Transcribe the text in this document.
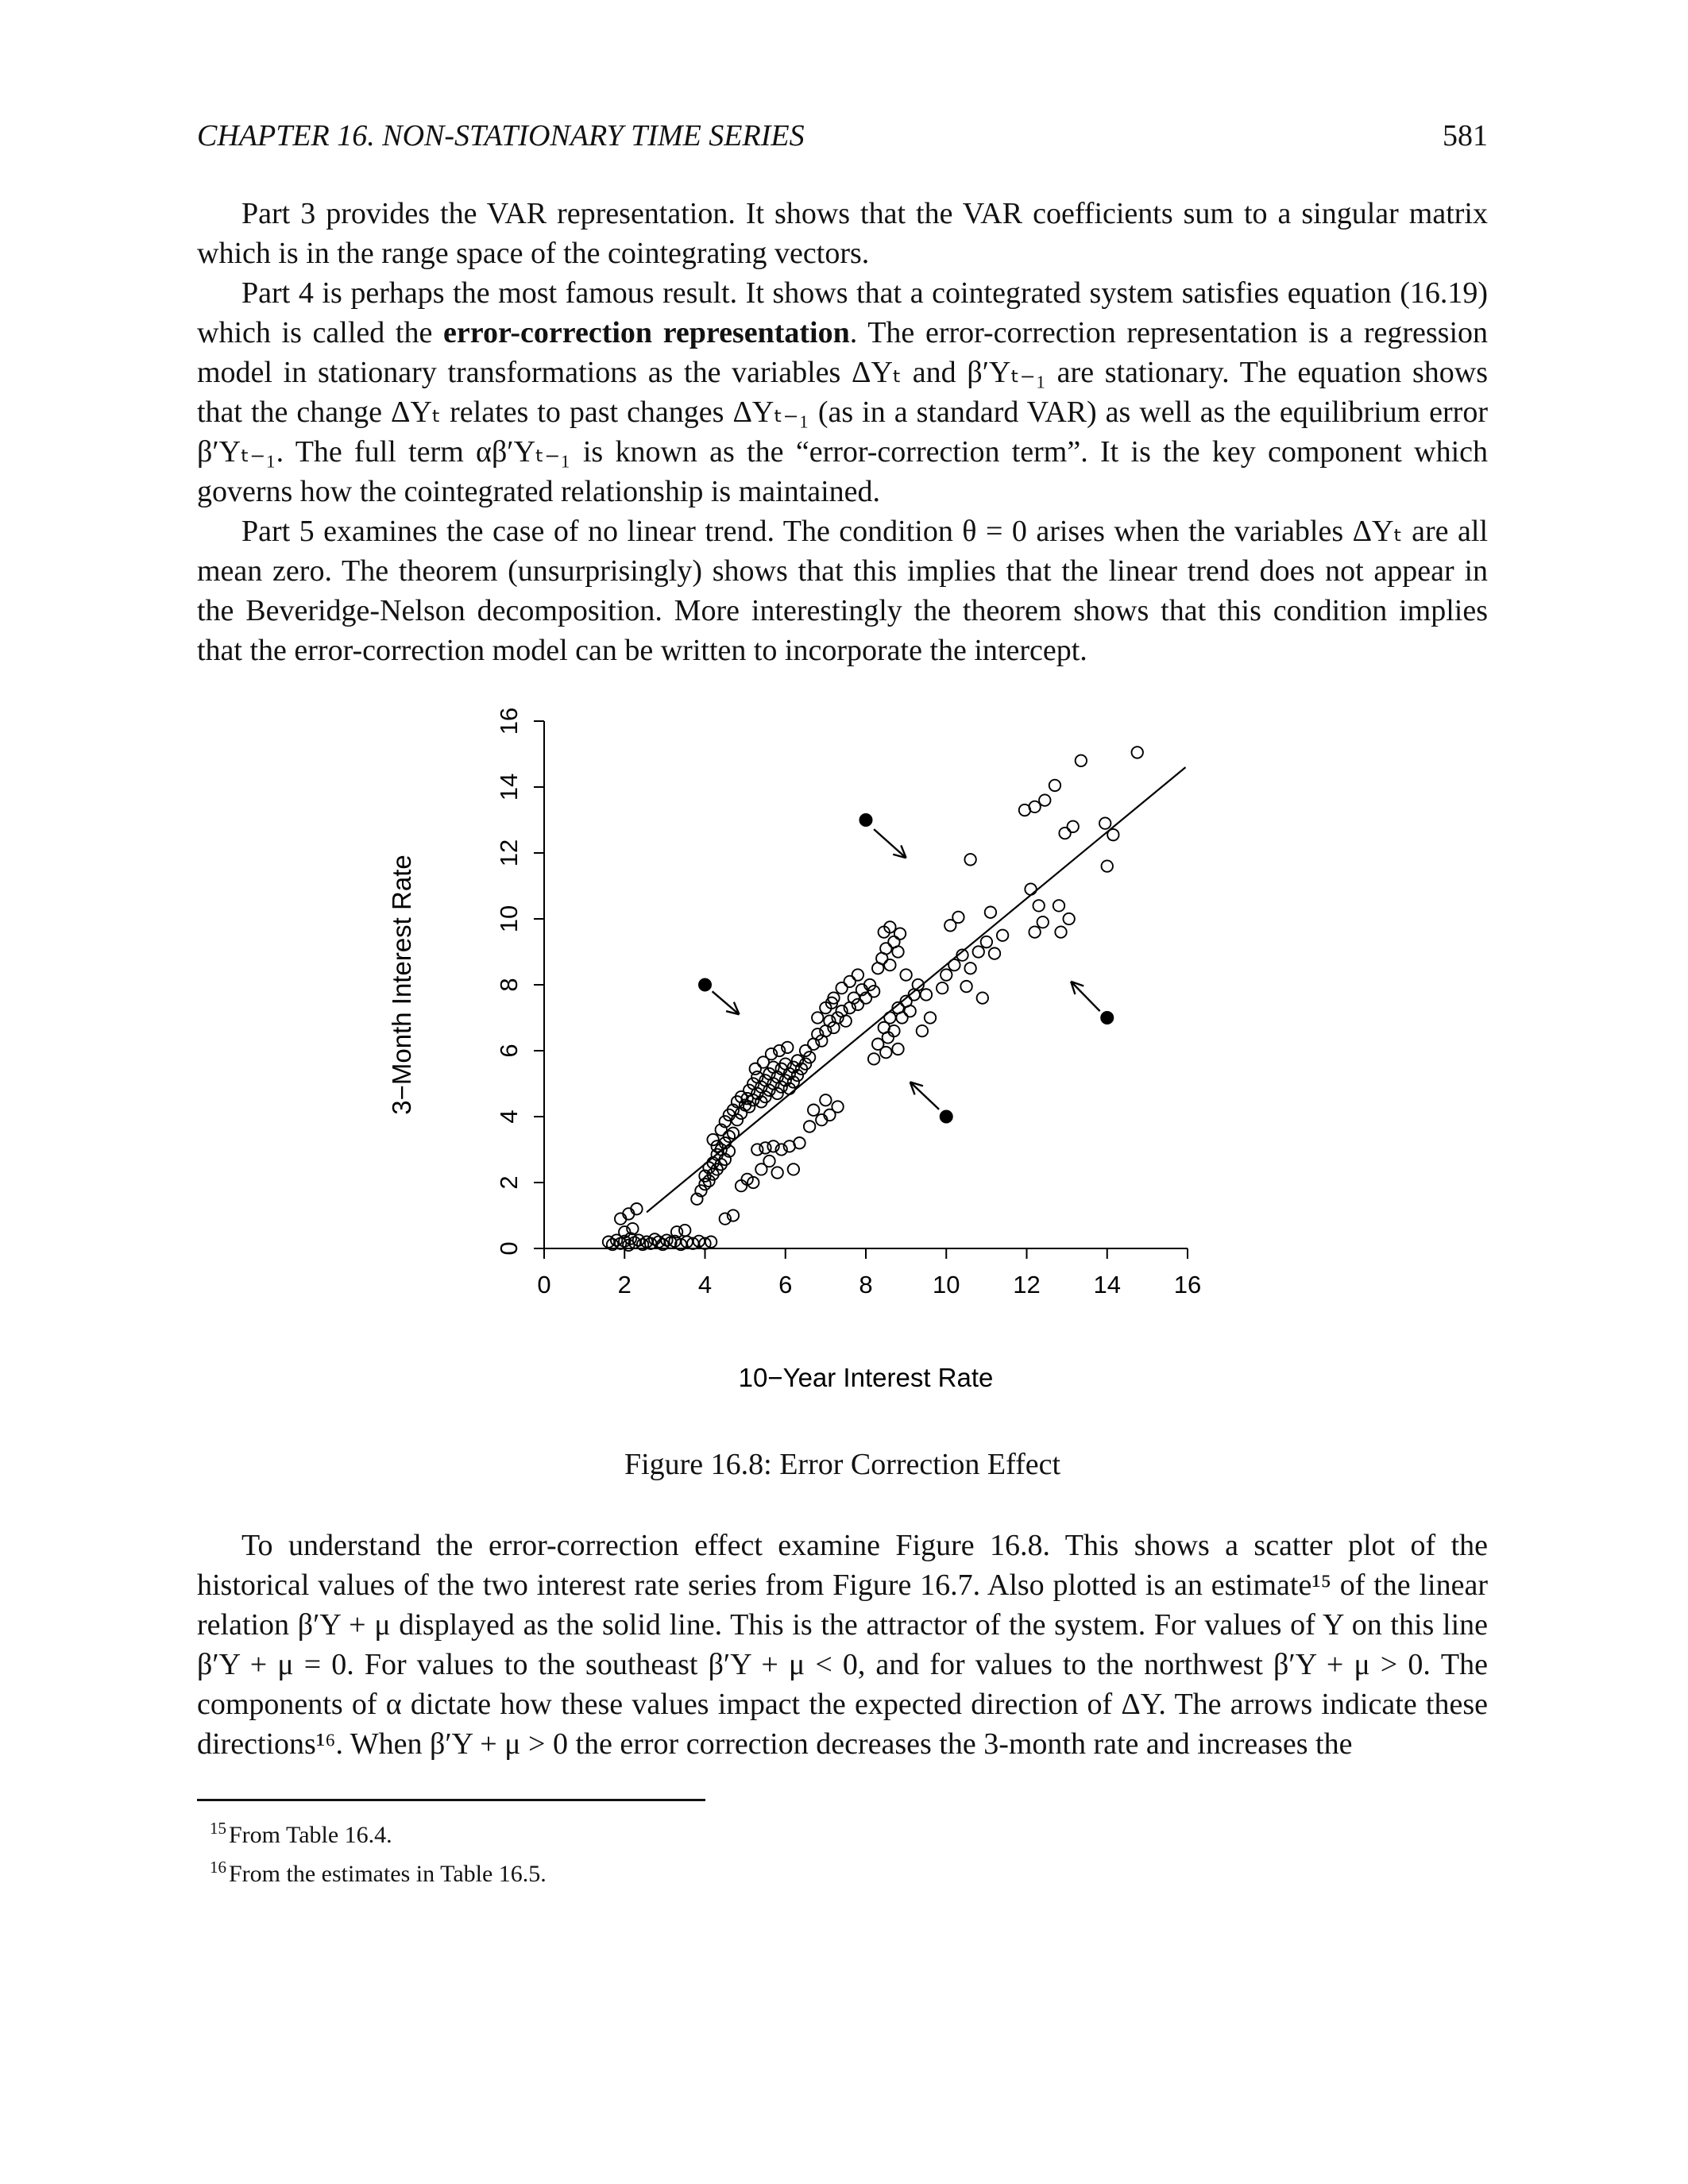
CHAPTER 16. NON-STATIONARY TIME SERIES	581

Part 3 provides the VAR representation. It shows that the VAR coefficients sum to a singular matrix which is in the range space of the cointegrating vectors.

Part 4 is perhaps the most famous result. It shows that a cointegrated system satisfies equation (16.19) which is called the error-correction representation. The error-correction representation is a regression model in stationary transformations as the variables ΔYₜ and β′Yₜ₋₁ are stationary. The equation shows that the change ΔYₜ relates to past changes ΔYₜ₋₁ (as in a standard VAR) as well as the equilibrium error β′Yₜ₋₁. The full term αβ′Yₜ₋₁ is known as the “error-correction term”. It is the key component which governs how the cointegrated relationship is maintained.

Part 5 examines the case of no linear trend. The condition θ = 0 arises when the variables ΔYₜ are all mean zero. The theorem (unsurprisingly) shows that this implies that the linear trend does not appear in the Beveridge-Nelson decomposition. More interestingly the theorem shows that this condition implies that the error-correction model can be written to incorporate the intercept.

0	2	4	6	8 10 12 14 16
0
2
4
6
8
10
12
14
16
10−Year Interest Rate
3−Month Interest Rate
Figure 16.8: Error Correction Effect

To understand the error-correction effect examine Figure 16.8. This shows a scatter plot of the historical values of the two interest rate series from Figure 16.7. Also plotted is an estimate¹⁵ of the linear relation β′Y + μ displayed as the solid line. This is the attractor of the system. For values of Y on this line β′Y + μ = 0. For values to the southeast β′Y + μ < 0, and for values to the northwest β′Y + μ > 0. The components of α dictate how these values impact the expected direction of ΔY. The arrows indicate these directions¹⁶. When β′Y + μ > 0 the error correction decreases the 3-month rate and increases the

$^{15}$ From Table 16.4.

$^{16}$ From the estimates in Table 16.5.
